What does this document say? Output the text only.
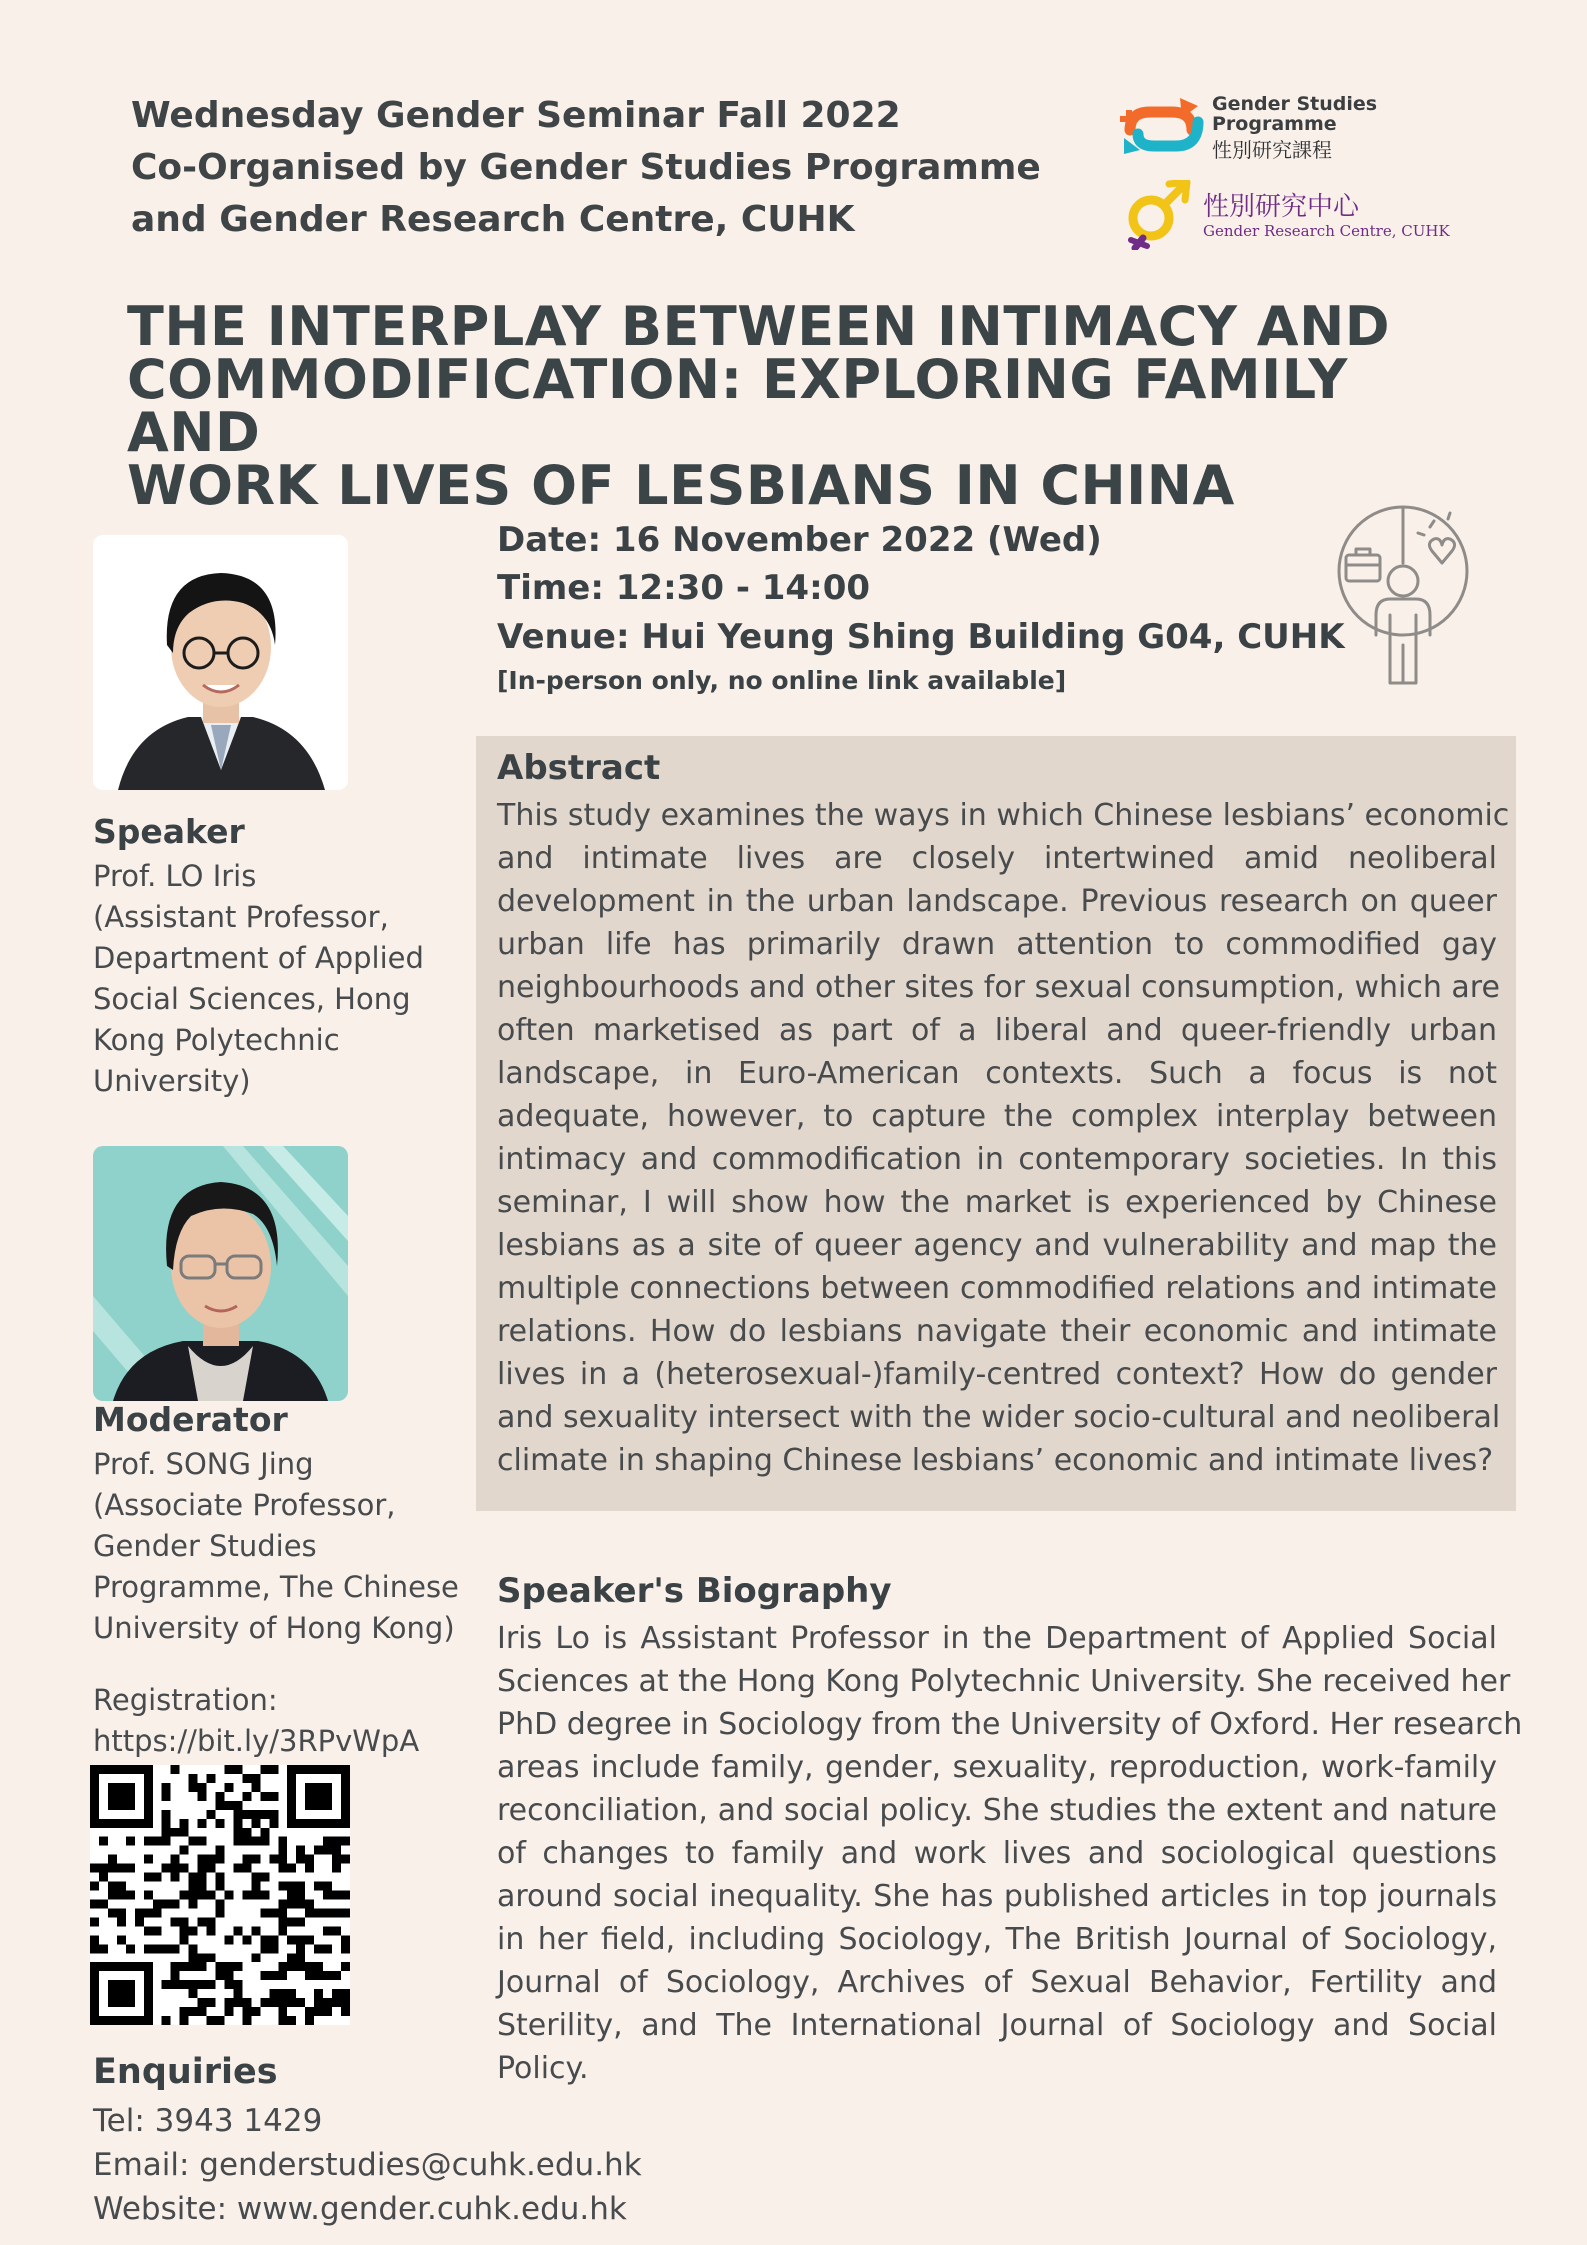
Wednesday Gender Seminar Fall 2022
Co-Organised by Gender Studies Programme
and Gender Research Centre, CUHK
Gender Studies
Programme
性別研究課程
性別研究中心
Gender Research Centre, CUHK
THE INTERPLAY BETWEEN INTIMACY AND
COMMODIFICATION: EXPLORING FAMILY AND
WORK LIVES OF LESBIANS IN CHINA
Speaker
Prof. LO Iris
(Assistant Professor,
Department of Applied
Social Sciences, Hong
Kong Polytechnic
University)
Moderator
Prof. SONG Jing
(Associate Professor,
Gender Studies
Programme, The Chinese
University of Hong Kong)
Registration:
https://bit.ly/3RPvWpA
Enquiries
Tel: 3943 1429
Email: genderstudies@cuhk.edu.hk
Website: www.gender.cuhk.edu.hk
Date: 16 November 2022 (Wed)
Time: 12:30 - 14:00
Venue: Hui Yeung Shing Building G04, CUHK
[In-person only, no online link available]
Abstract
This study examines the ways in which Chinese lesbians’ economic
and intimate lives are closely intertwined amid neoliberal
development in the urban landscape. Previous research on queer
urban life has primarily drawn attention to commodified gay
neighbourhoods and other sites for sexual consumption, which are
often marketised as part of a liberal and queer-friendly urban
landscape, in Euro-American contexts. Such a focus is not
adequate, however, to capture the complex interplay between
intimacy and commodification in contemporary societies. In this
seminar, I will show how the market is experienced by Chinese
lesbians as a site of queer agency and vulnerability and map the
multiple connections between commodified relations and intimate
relations. How do lesbians navigate their economic and intimate
lives in a (heterosexual-)family-centred context? How do gender
and sexuality intersect with the wider socio-cultural and neoliberal
climate in shaping Chinese lesbians’ economic and intimate lives?
Speaker's Biography
Iris Lo is Assistant Professor in the Department of Applied Social
Sciences at the Hong Kong Polytechnic University. She received her
PhD degree in Sociology from the University of Oxford. Her research
areas include family, gender, sexuality, reproduction, work-family
reconciliation, and social policy. She studies the extent and nature
of changes to family and work lives and sociological questions
around social inequality. She has published articles in top journals
in her field, including Sociology, The British Journal of Sociology,
Journal of Sociology, Archives of Sexual Behavior, Fertility and
Sterility, and The International Journal of Sociology and Social
Policy.
